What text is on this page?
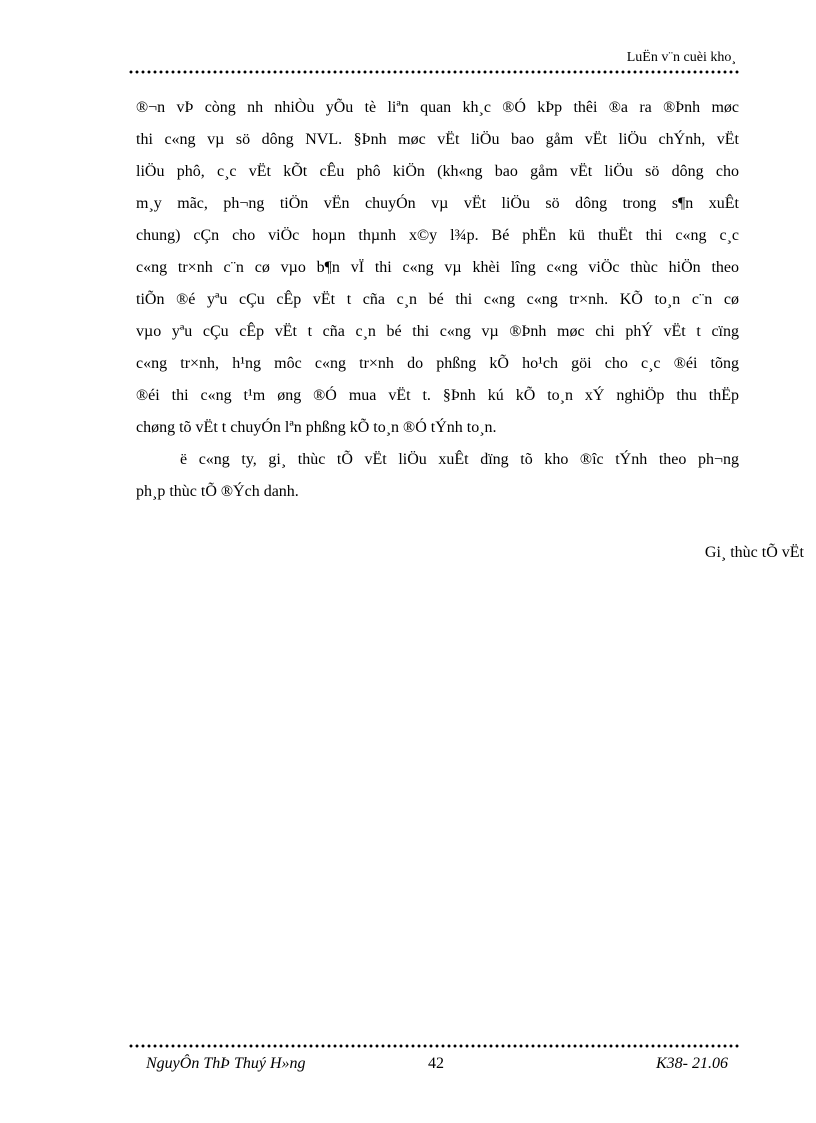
LuËn v¨n cuèi kho¸

®¬n vÞ còng nh nhiÒu yÕu tè liªn quan kh¸c ®Ó kÞp thêi ®a ra ®Þnh møc

thi c«ng vµ sö dông NVL. §Þnh møc vËt liÖu bao gåm vËt liÖu chÝnh, vËt

liÖu phô, c¸c vËt kÕt cÊu phô kiÖn (kh«ng bao gåm vËt liÖu sö dông cho

m¸y mãc, ph¬ng tiÖn vËn chuyÓn vµ vËt liÖu sö dông trong s¶n xuÊt

chung) cÇn cho viÖc hoµn thµnh x©y l¾p. Bé phËn kü thuËt thi c«ng c¸c

c«ng tr×nh c¨n cø vµo b¶n vÏ thi c«ng vµ khèi lîng c«ng viÖc thùc hiÖn theo

tiÕn ®é yªu cÇu cÊp vËt t cña c¸n bé thi c«ng c«ng tr×nh. KÕ to¸n c¨n cø

vµo yªu cÇu cÊp vËt t cña c¸n bé thi c«ng vµ ®Þnh møc chi phÝ vËt t cïng

c«ng tr×nh, h¹ng môc c«ng tr×nh do phßng kÕ ho¹ch göi cho c¸c ®éi tõng

®éi thi c«ng t¹m øng ®Ó mua vËt t. §Þnh kú kÕ to¸n xÝ nghiÖp thu thËp

chøng tõ vËt t chuyÓn lªn phßng kÕ to¸n ®Ó tÝnh to¸n.

ë c«ng ty, gi¸ thùc tÕ vËt liÖu xuÊt dïng tõ kho ®îc tÝnh theo ph¬ng

ph¸p thùc tÕ ®Ých danh.

Gi¸ thùc tÕ vËt
NguyÔn ThÞ Thuý H»ng	42	K38- 21.06
